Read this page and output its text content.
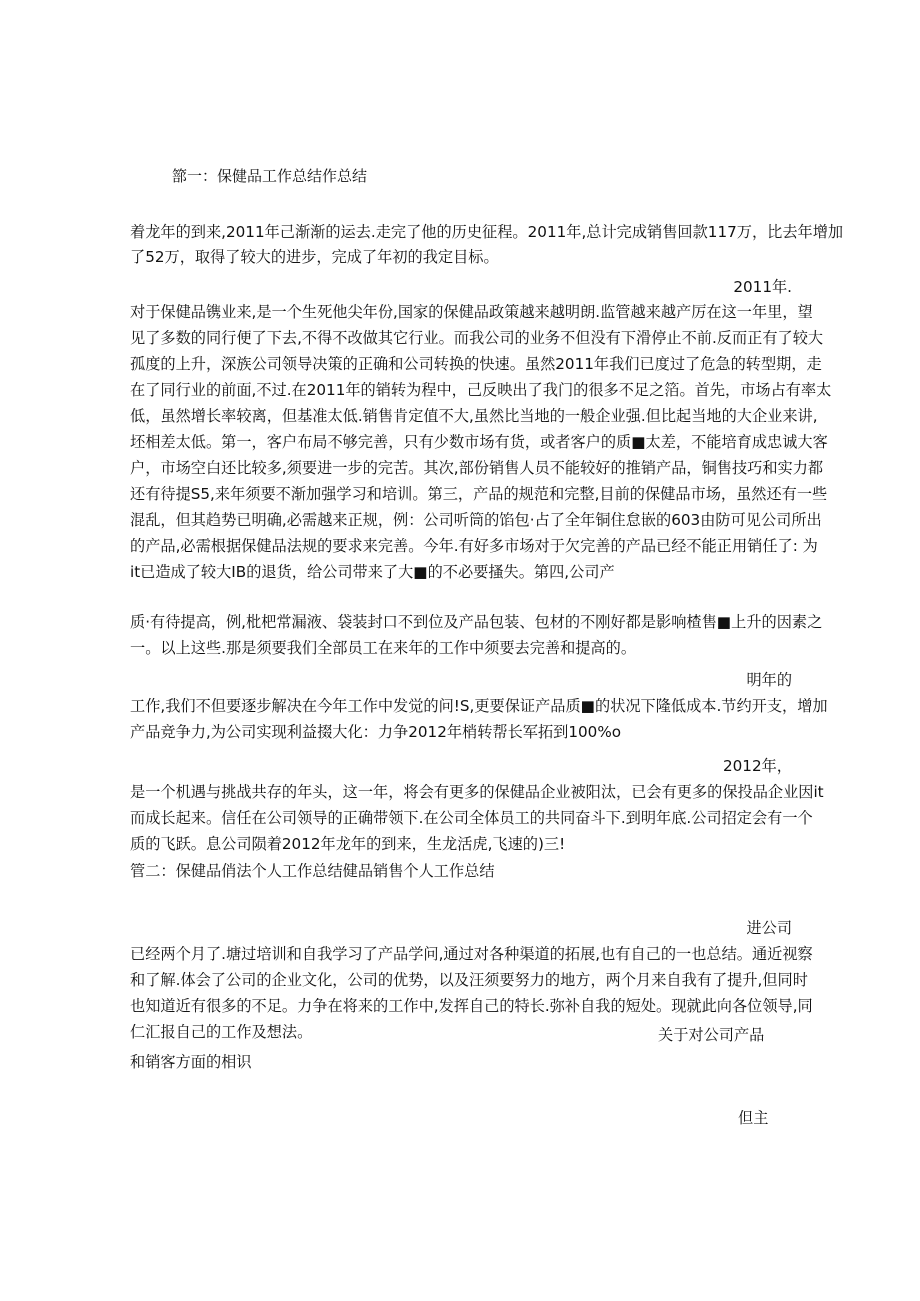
篰一：保健品工作总结作总结

着龙年的到来,2011年己渐渐的运去.走完了他的历史征程。2011年,总计完成销售回款117万，比去年增加

了52万，取得了较大的进步，完成了年初的我定目标。

2011年.

对于保健品镌业来,是一个生死他尖年份,国家的保健品政策越来越明朗.监管越来越产厉在这一年里，望

见了多数的同行便了下去,不得不改做其它行业。而我公司的业务不但没有下滑停止不前.反而正有了较大

孤度的上升，深族公司领导决策的正确和公司转换的快速。虽然2011年我们已度过了危急的转型期，走

在了同行业的前面,不过.在2011年的销转为程中，己反映出了我门的很多不足之箔。首先，市场占有率太

低，虽然增长率较离，但基准太低.销售肯定值不大,虽然比当地的一般企业强.但比起当地的大企业来讲,

坯相差太低。第一，客户布局不够完善，只有少数市场有货，或者客户的质■太差，不能培育成忠诚大客

户，市场空白还比较多,须要进一步的完苦。其次,部份销售人员不能较好的推销产品，铜售技巧和实力都

还有待提S5,来年须要不渐加强学习和培训。第三，产品的规范和完整,目前的保健品市场，虽然还有一些

混乱，但其趋势已明确,必需越来正规，例：公司听筒的馅包·占了全年铜住怠嵌的603由防可见公司所出

的产品,必需根据保健品法规的要求来完善。今年.有好多市场对于欠完善的产品已经不能正用销任了: 为

it已造成了较大IB的退货，给公司带来了大■的不必要搔失。第四,公司产

质·有待提高，例,枇杷常漏液、袋装封口不到位及产品包装、包材的不刚好都是影响楂售■上升的因素之

一。以上这些.那是须要我们全部员工在来年的工作中须要去完善和提高的。

明年的

工作,我们不但要逐步解决在今年工作中发觉的问!S,更要保证产品质■的状况下隆低成本.节约开支，增加

产品竞争力,为公司实现利益掇大化：力争2012年梢转帮长军拓到100%o

2012年，

是一个机遇与挑战共存的年头，这一年，将会有更多的保健品企业被阳汰，已会有更多的保投品企业因it

而成长起来。信任在公司领导的正确带领下.在公司全体员工的共同奋斗下.到明年底.公司招定会有一个

质的飞跃。息公司陨着2012年龙年的到来，生龙活虎,飞速的)三!

管二：保健品俏法个人工作总结健品销售个人工作总结

进公司

已经两个月了.塘过培训和自我学习了产品学问,通过对各种渠道的拓展,也有自己的一也总结。通近视察

和了解.体会了公司的企业文化，公司的优势，以及汪须要努力的地方，两个月来自我有了提升,但同时

也知道近有很多的不足。力争在将来的工作中,发挥自己的特长.弥补自我的短处。现就此向各位领导,同

仁汇报自己的工作及想法。	关于对公司产品

和销客方面的相识

但主
